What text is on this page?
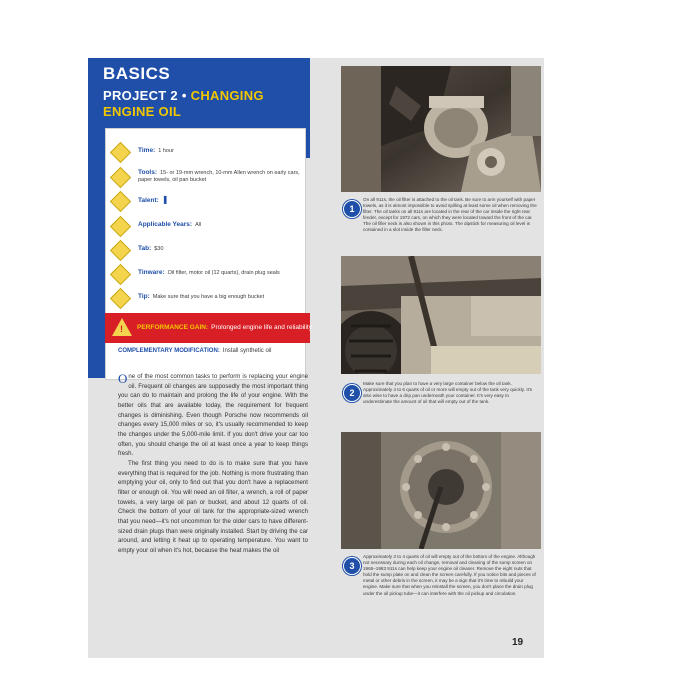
BASICS
PROJECT 2 • CHANGING ENGINE OIL
Time: 1 hour
Tools: 15- or 19-mm wrench, 10-mm Allen wrench on early cars, paper towels, oil pan bucket
Talent: ❚
Applicable Years: All
Tab: $30
Tinware: Oil filter, motor oil (12 quarts), drain plug seals
Tip: Make sure that you have a big enough bucket
! PERFORMANCE GAIN: Prolonged engine life and reliability
COMPLEMENTARY MODIFICATION: Install synthetic oil

One of the most common tasks to perform is replacing your engine oil. Frequent oil changes are supposedly the most important thing you can do to maintain and prolong the life of your engine. With the better oils that are available today, the requirement for frequent changes is diminishing. Even though Porsche now recommends oil changes every 15,000 miles or so, it's usually recommended to keep the changes under the 5,000-mile limit. If you don't drive your car too often, you should change the oil at least once a year to keep things fresh.

The first thing you need to do is to make sure that you have everything that is required for the job. Nothing is more frustrating than emptying your oil, only to find out that you don't have a replacement filter or enough oil. You will need an oil filter, a wrench, a roll of paper towels, a very large oil pan or bucket, and about 12 quarts of oil. Check the bottom of your oil tank for the appropriate-sized wrench that you need—it's not uncommon for the older cars to have different-sized drain plugs than were originally installed. Start by driving the car around, and letting it heat up to operating temperature. You want to empty your oil when it's hot, because the heat makes the oil

1
On all 911s, the oil filter is attached to the oil tank. Be sure to arm yourself with paper towels, as it is almost impossible to avoid spilling at least some oil when removing the filter. The oil tanks on all 911s are located in the rear of the car inside the right rear fender, except for 1972 cars, on which they were located toward the front of the car. The oil filler neck is also shown in this photo. The dipstick for measuring oil level is contained in a slot inside the filler neck.
2
Make sure that you plan to have a very large container below the oil tank. Approximately 4 to 6 quarts of oil or more will empty out of the tank very quickly. It's also wise to have a drip pan underneath your container. It's very easy to underestimate the amount of oil that will empty out of the tank.
3
Approximately 3 to 4 quarts of oil will empty out of the bottom of the engine. Although not necessary during each oil change, removal and cleaning of the sump screen on 1965–1983 911s can help keep your engine oil cleaner. Remove the eight nuts that hold the sump plate on and clean the screen carefully. If you notice bits and pieces of metal or other debris in the screen, it may be a sign that it's time to rebuild your engine. Make sure that when you reinstall the screen, you don't place the drain plug under the oil pickup tube—it can interfere with the oil pickup and circulation.
19
